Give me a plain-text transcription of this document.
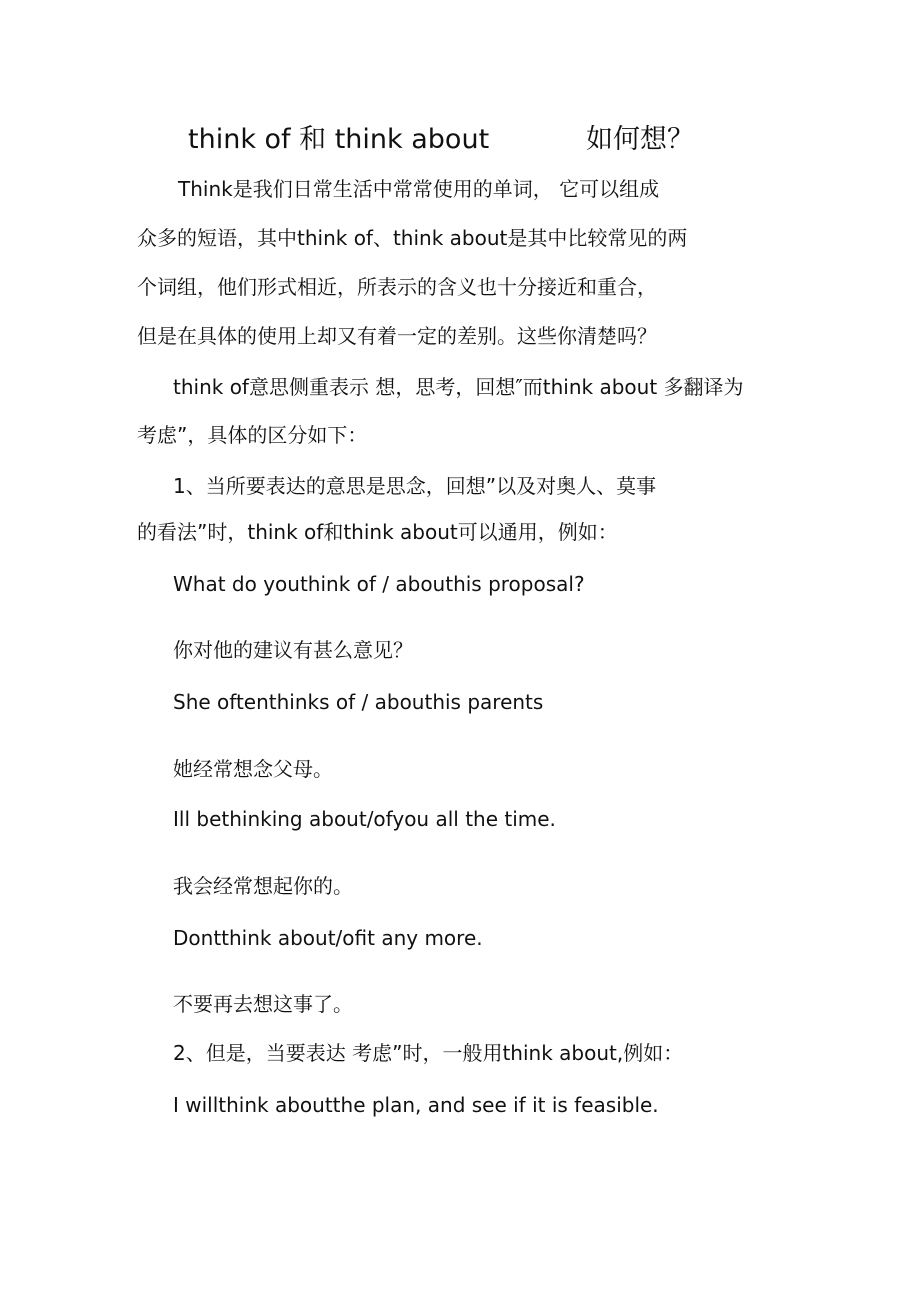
think of 和 think about	如何想？
Think是我们日常生活中常常使用的单词， 它可以组成
众多的短语，其中think of、think about是其中比较常见的两
个词组，他们形式相近，所表示的含义也十分接近和重合，
但是在具体的使用上却又有着一定的差别。这些你清楚吗？
think of意思侧重表示 想，思考，回想″而think about 多翻译为
考虑”，具体的区分如下：
1、当所要表达的意思是思念，回想”以及对奥人、莫事
的看法”时，think of和think about可以通用，例如：
What do youthink of / abouthis proposal?
你对他的建议有甚么意见？
She oftenthinks of / abouthis parents
她经常想念父母。
Ill bethinking about/ofyou all the time.
我会经常想起你的。
Dontthink about/ofit any more.
不要再去想这事了。
2、但是，当要表达 考虑”时，一般用think about,例如：
I willthink aboutthe plan, and see if it is feasible.
